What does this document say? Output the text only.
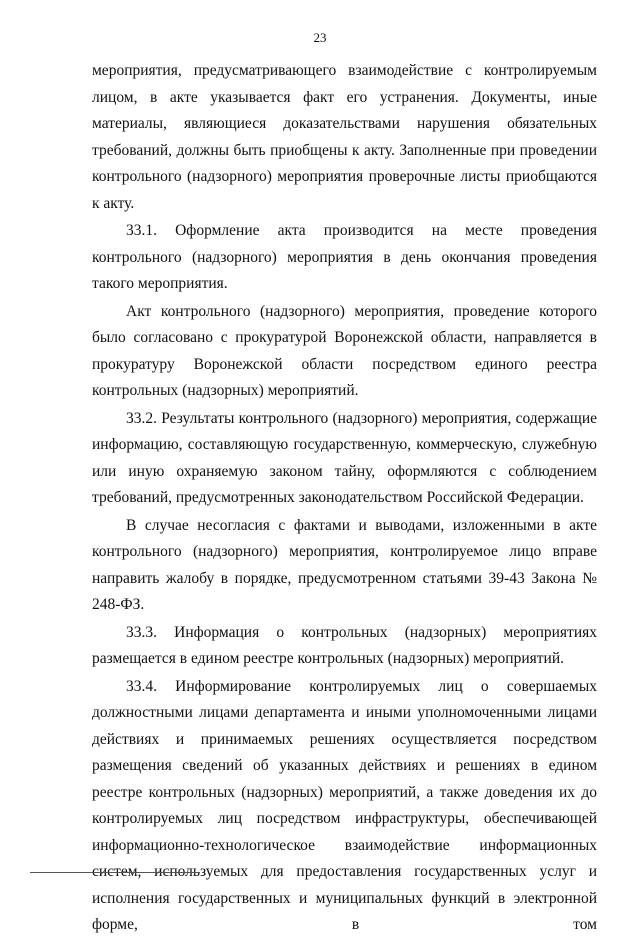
23

мероприятия, предусматривающего взаимодействие с контролируемым лицом, в акте указывается факт его устранения. Документы, иные материалы, являющиеся доказательствами нарушения обязательных требований, должны быть приобщены к акту. Заполненные при проведении контрольного (надзорного) мероприятия проверочные листы приобщаются к акту.

33.1. Оформление акта производится на месте проведения контрольного (надзорного) мероприятия в день окончания проведения такого мероприятия.

Акт контрольного (надзорного) мероприятия, проведение которого было согласовано с прокуратурой Воронежской области, направляется в прокуратуру Воронежской области посредством единого реестра контрольных (надзорных) мероприятий.

33.2. Результаты контрольного (надзорного) мероприятия, содержащие информацию, составляющую государственную, коммерческую, служебную или иную охраняемую законом тайну, оформляются с соблюдением требований, предусмотренных законодательством Российской Федерации.

В случае несогласия с фактами и выводами, изложенными в акте контрольного (надзорного) мероприятия, контролируемое лицо вправе направить жалобу в порядке, предусмотренном статьями 39-43 Закона № 248-ФЗ.

33.3. Информация о контрольных (надзорных) мероприятиях размещается в едином реестре контрольных (надзорных) мероприятий.

33.4. Информирование контролируемых лиц о совершаемых должностными лицами департамента и иными уполномоченными лицами действиях и принимаемых решениях осуществляется посредством размещения сведений об указанных действиях и решениях в едином реестре контрольных (надзорных) мероприятий, а также доведения их до контролируемых лиц посредством инфраструктуры, обеспечивающей информационно-технологическое взаимодействие информационных систем, используемых для предоставления государственных услуг и исполнения государственных и муниципальных функций в электронной форме, в том
